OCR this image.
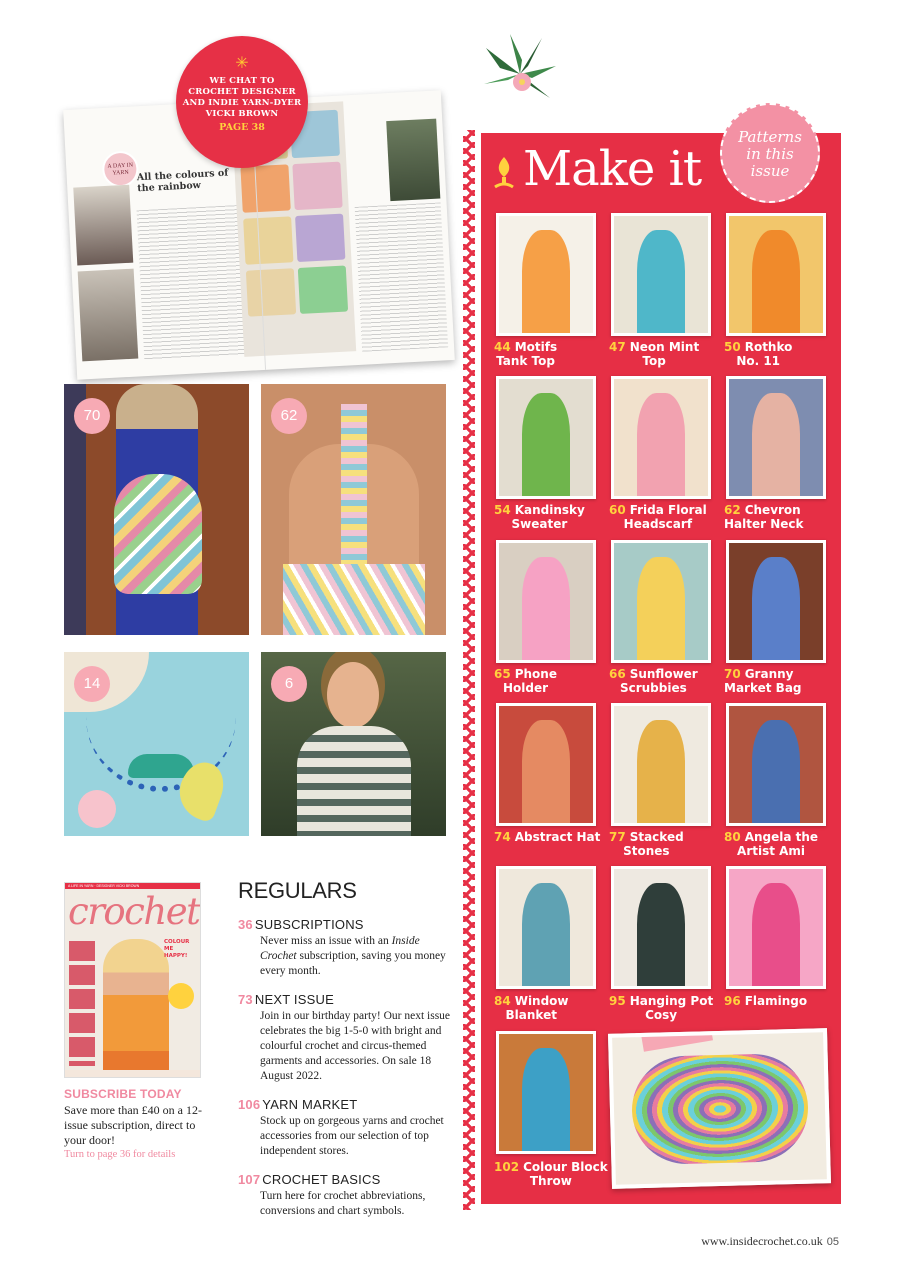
A DAY IN YARN All the colours of the rainbow
✳
WE CHAT TO
CROCHET DESIGNER
AND INDIE YARN-DYER
VICKI BROWN
PAGE 38
70	62
14	6
A LIFE IN YARN · DESIGNER VICKI BROWN
crochet
COLOUR ME HAPPY!
SUBSCRIBE TODAY
Save more than £40 on a 12-issue subscription, direct to your door!
Turn to page 36 for details
REGULARS
36 SUBSCRIPTIONS
Never miss an issue with an Inside Crochet subscription, saving you money every month.
73 NEXT ISSUE
Join in our birthday party! Our next issue celebrates the big 1-5-0 with bright and colourful crochet and circus-themed garments and accessories. On sale 18 August 2022.
106 YARN MARKET
Stock up on gorgeous yarns and crochet accessories from our selection of top independent stores.
107 CROCHET BASICS
Turn here for crochet abbreviations, conversions and chart symbols.
Make it
Patterns
in this
issue
44 Motifs
Tank Top
47 Neon Mint
Top
50 Rothko
No. 11
54 Kandinsky
Sweater
60 Frida Floral
Headscarf
62 Chevron
Halter Neck
65 Phone
Holder
66 Sunflower
Scrubbies
70 Granny
Market Bag
74 Abstract Hat 77 Stacked
Stones
80 Angela the
Artist Ami
84 Window
Blanket
95 Hanging Pot
Cosy
96 Flamingo
102 Colour Block
Throw
www.insidecrochet.co.uk 05
